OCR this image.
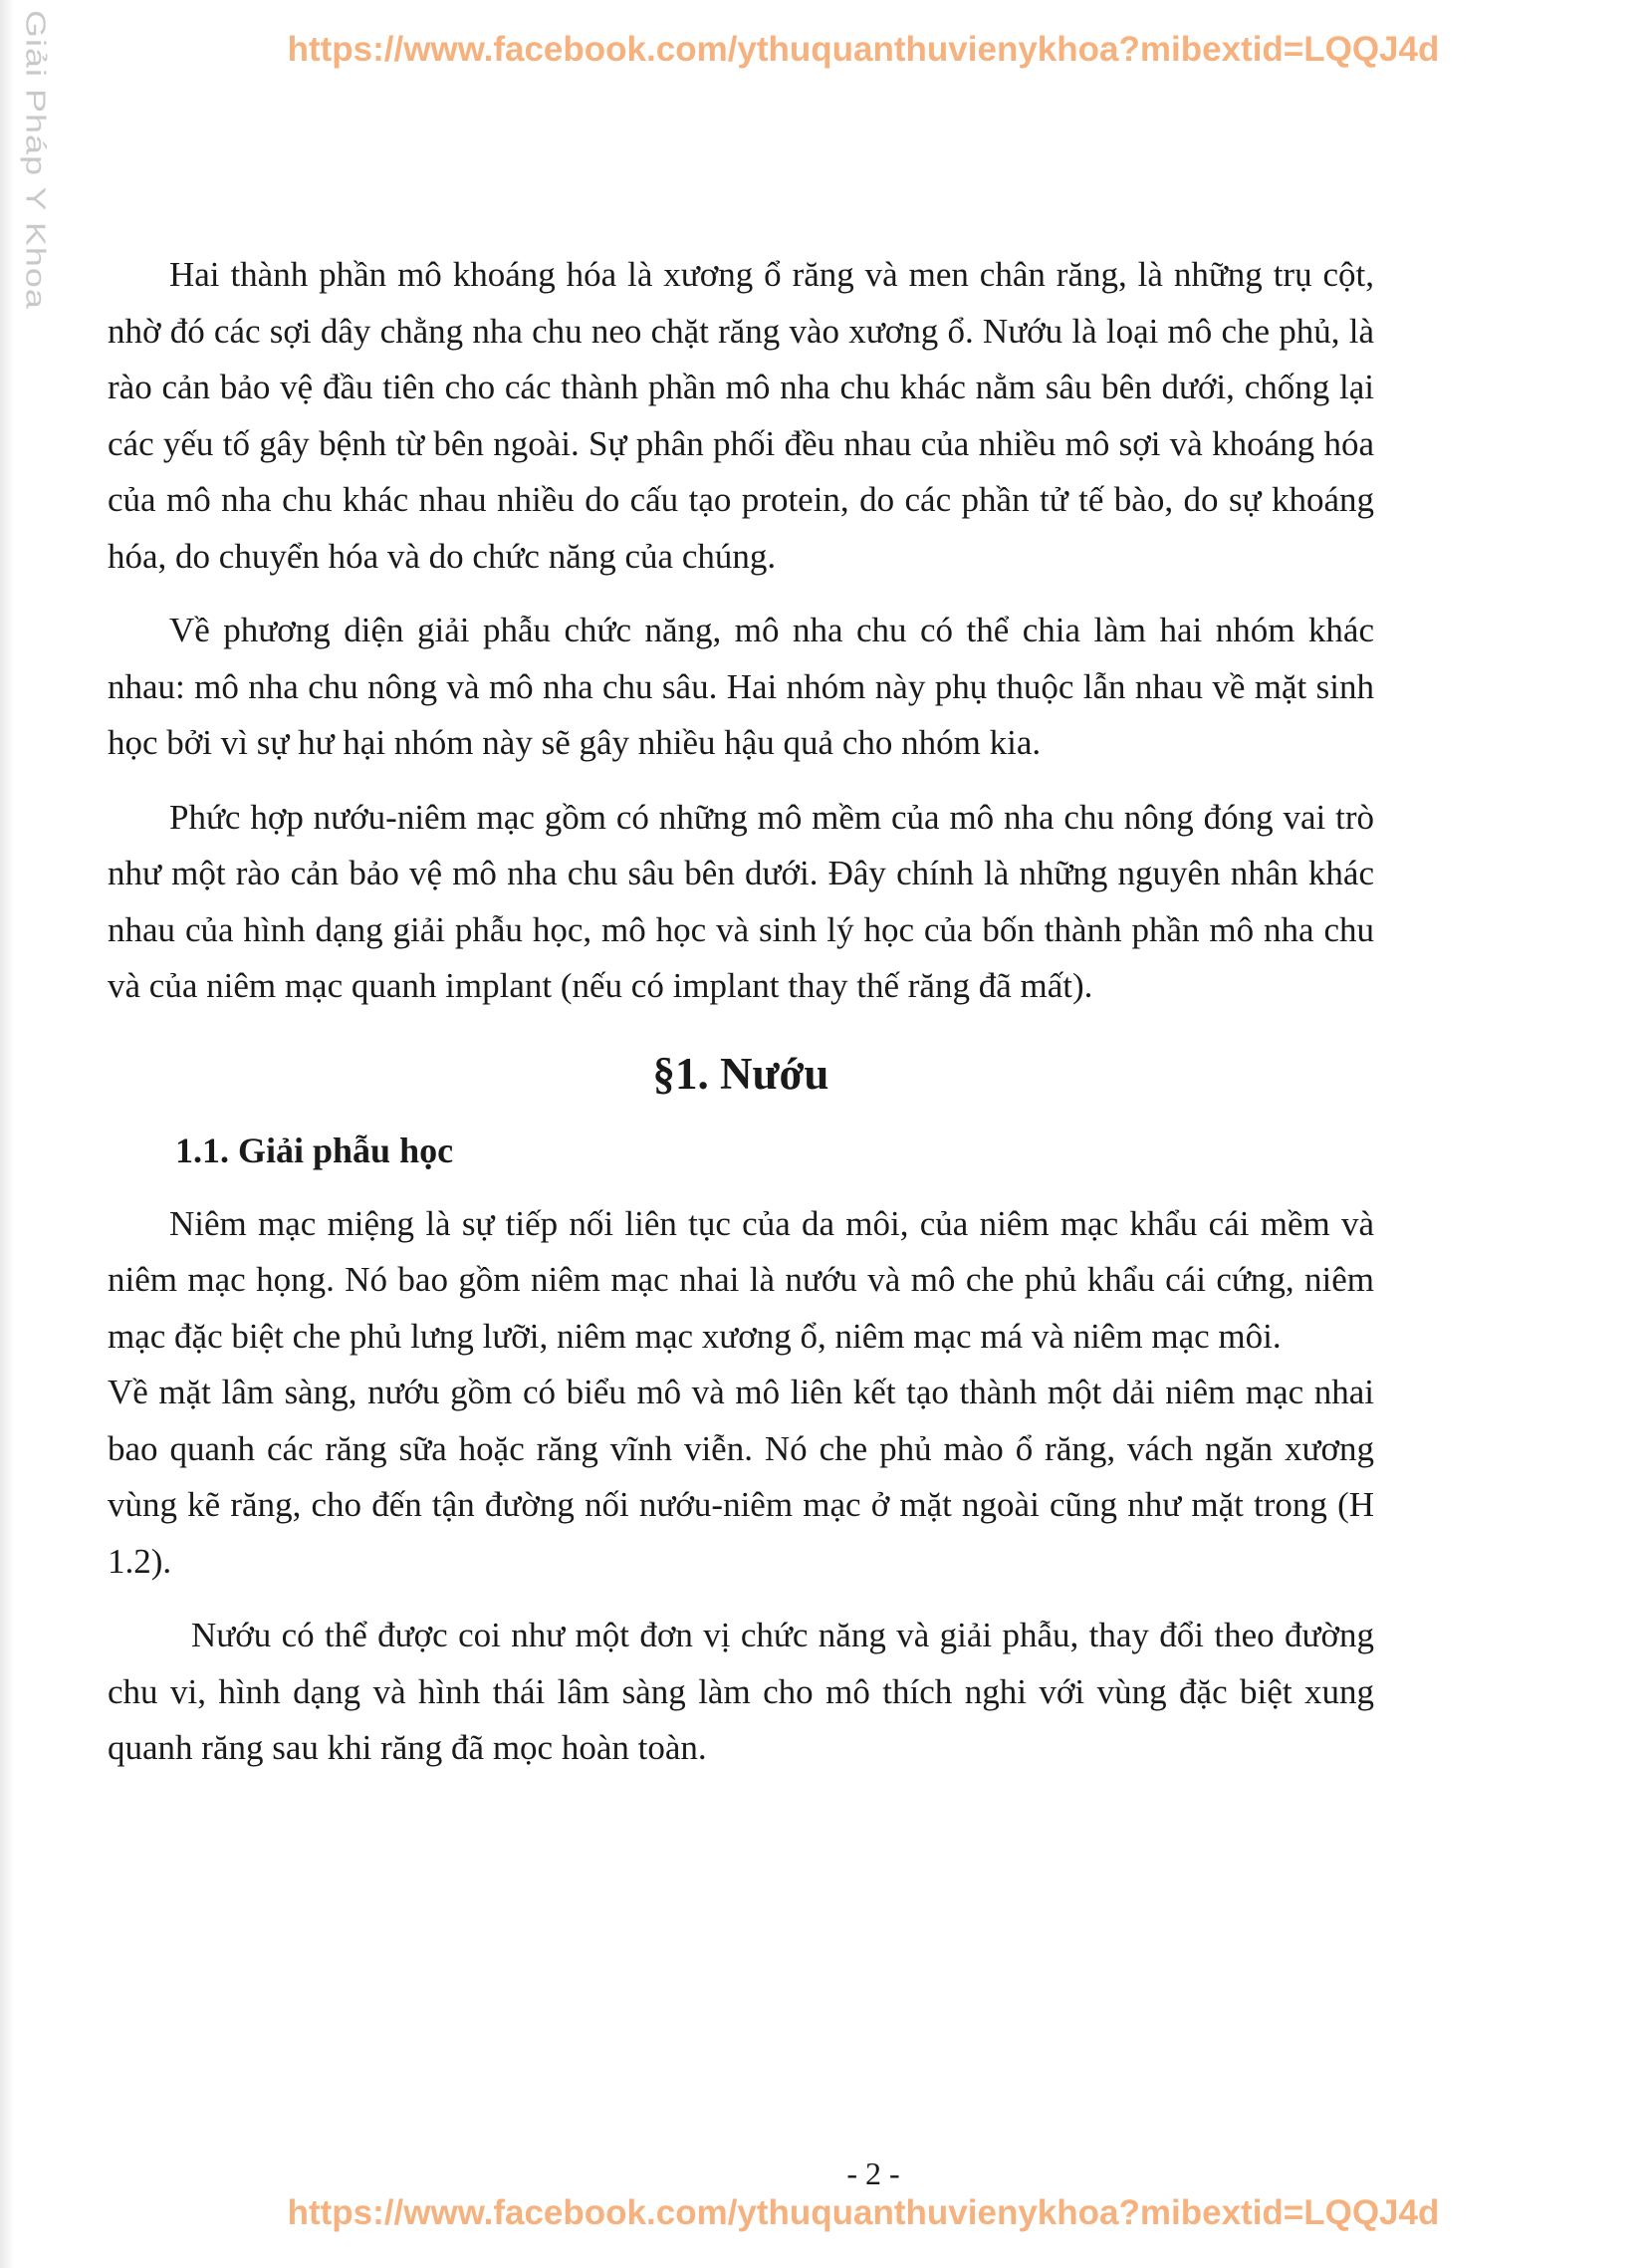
Giải Pháp Y Khoa	https://www.facebook.com/ythuquanthuvienykhoa?mibextid=LQQJ4d

Hai thành phần mô khoáng hóa là xương ổ răng và men chân răng, là những trụ cột, nhờ đó các sợi dây chằng nha chu neo chặt răng vào xương ổ. Nướu là loại mô che phủ, là rào cản bảo vệ đầu tiên cho các thành phần mô nha chu khác nằm sâu bên dưới, chống lại các yếu tố gây bệnh từ bên ngoài. Sự phân phối đều nhau của nhiều mô sợi và khoáng hóa của mô nha chu khác nhau nhiều do cấu tạo protein, do các phần tử tế bào, do sự khoáng hóa, do chuyển hóa và do chức năng của chúng.

Về phương diện giải phẫu chức năng, mô nha chu có thể chia làm hai nhóm khác nhau: mô nha chu nông và mô nha chu sâu. Hai nhóm này phụ thuộc lẫn nhau về mặt sinh học bởi vì sự hư hại nhóm này sẽ gây nhiều hậu quả cho nhóm kia.

Phức hợp nướu-niêm mạc gồm có những mô mềm của mô nha chu nông đóng vai trò như một rào cản bảo vệ mô nha chu sâu bên dưới. Đây chính là những nguyên nhân khác nhau của hình dạng giải phẫu học, mô học và sinh lý học của bốn thành phần mô nha chu và của niêm mạc quanh implant (nếu có implant thay thế răng đã mất).

§1. Nướu
1.1. Giải phẫu học

Niêm mạc miệng là sự tiếp nối liên tục của da môi, của niêm mạc khẩu cái mềm và niêm mạc họng. Nó bao gồm niêm mạc nhai là nướu và mô che phủ khẩu cái cứng, niêm mạc đặc biệt che phủ lưng lưỡi, niêm mạc xương ổ, niêm mạc má và niêm mạc môi.

Về mặt lâm sàng, nướu gồm có biểu mô và mô liên kết tạo thành một dải niêm mạc nhai bao quanh các răng sữa hoặc răng vĩnh viễn. Nó che phủ mào ổ răng, vách ngăn xương vùng kẽ răng, cho đến tận đường nối nướu-niêm mạc ở mặt ngoài cũng như mặt trong (H 1.2).

Nướu có thể được coi như một đơn vị chức năng và giải phẫu, thay đổi theo đường chu vi, hình dạng và hình thái lâm sàng làm cho mô thích nghi với vùng đặc biệt xung quanh răng sau khi răng đã mọc hoàn toàn.

- 2 -
https://www.facebook.com/ythuquanthuvienykhoa?mibextid=LQQJ4d
